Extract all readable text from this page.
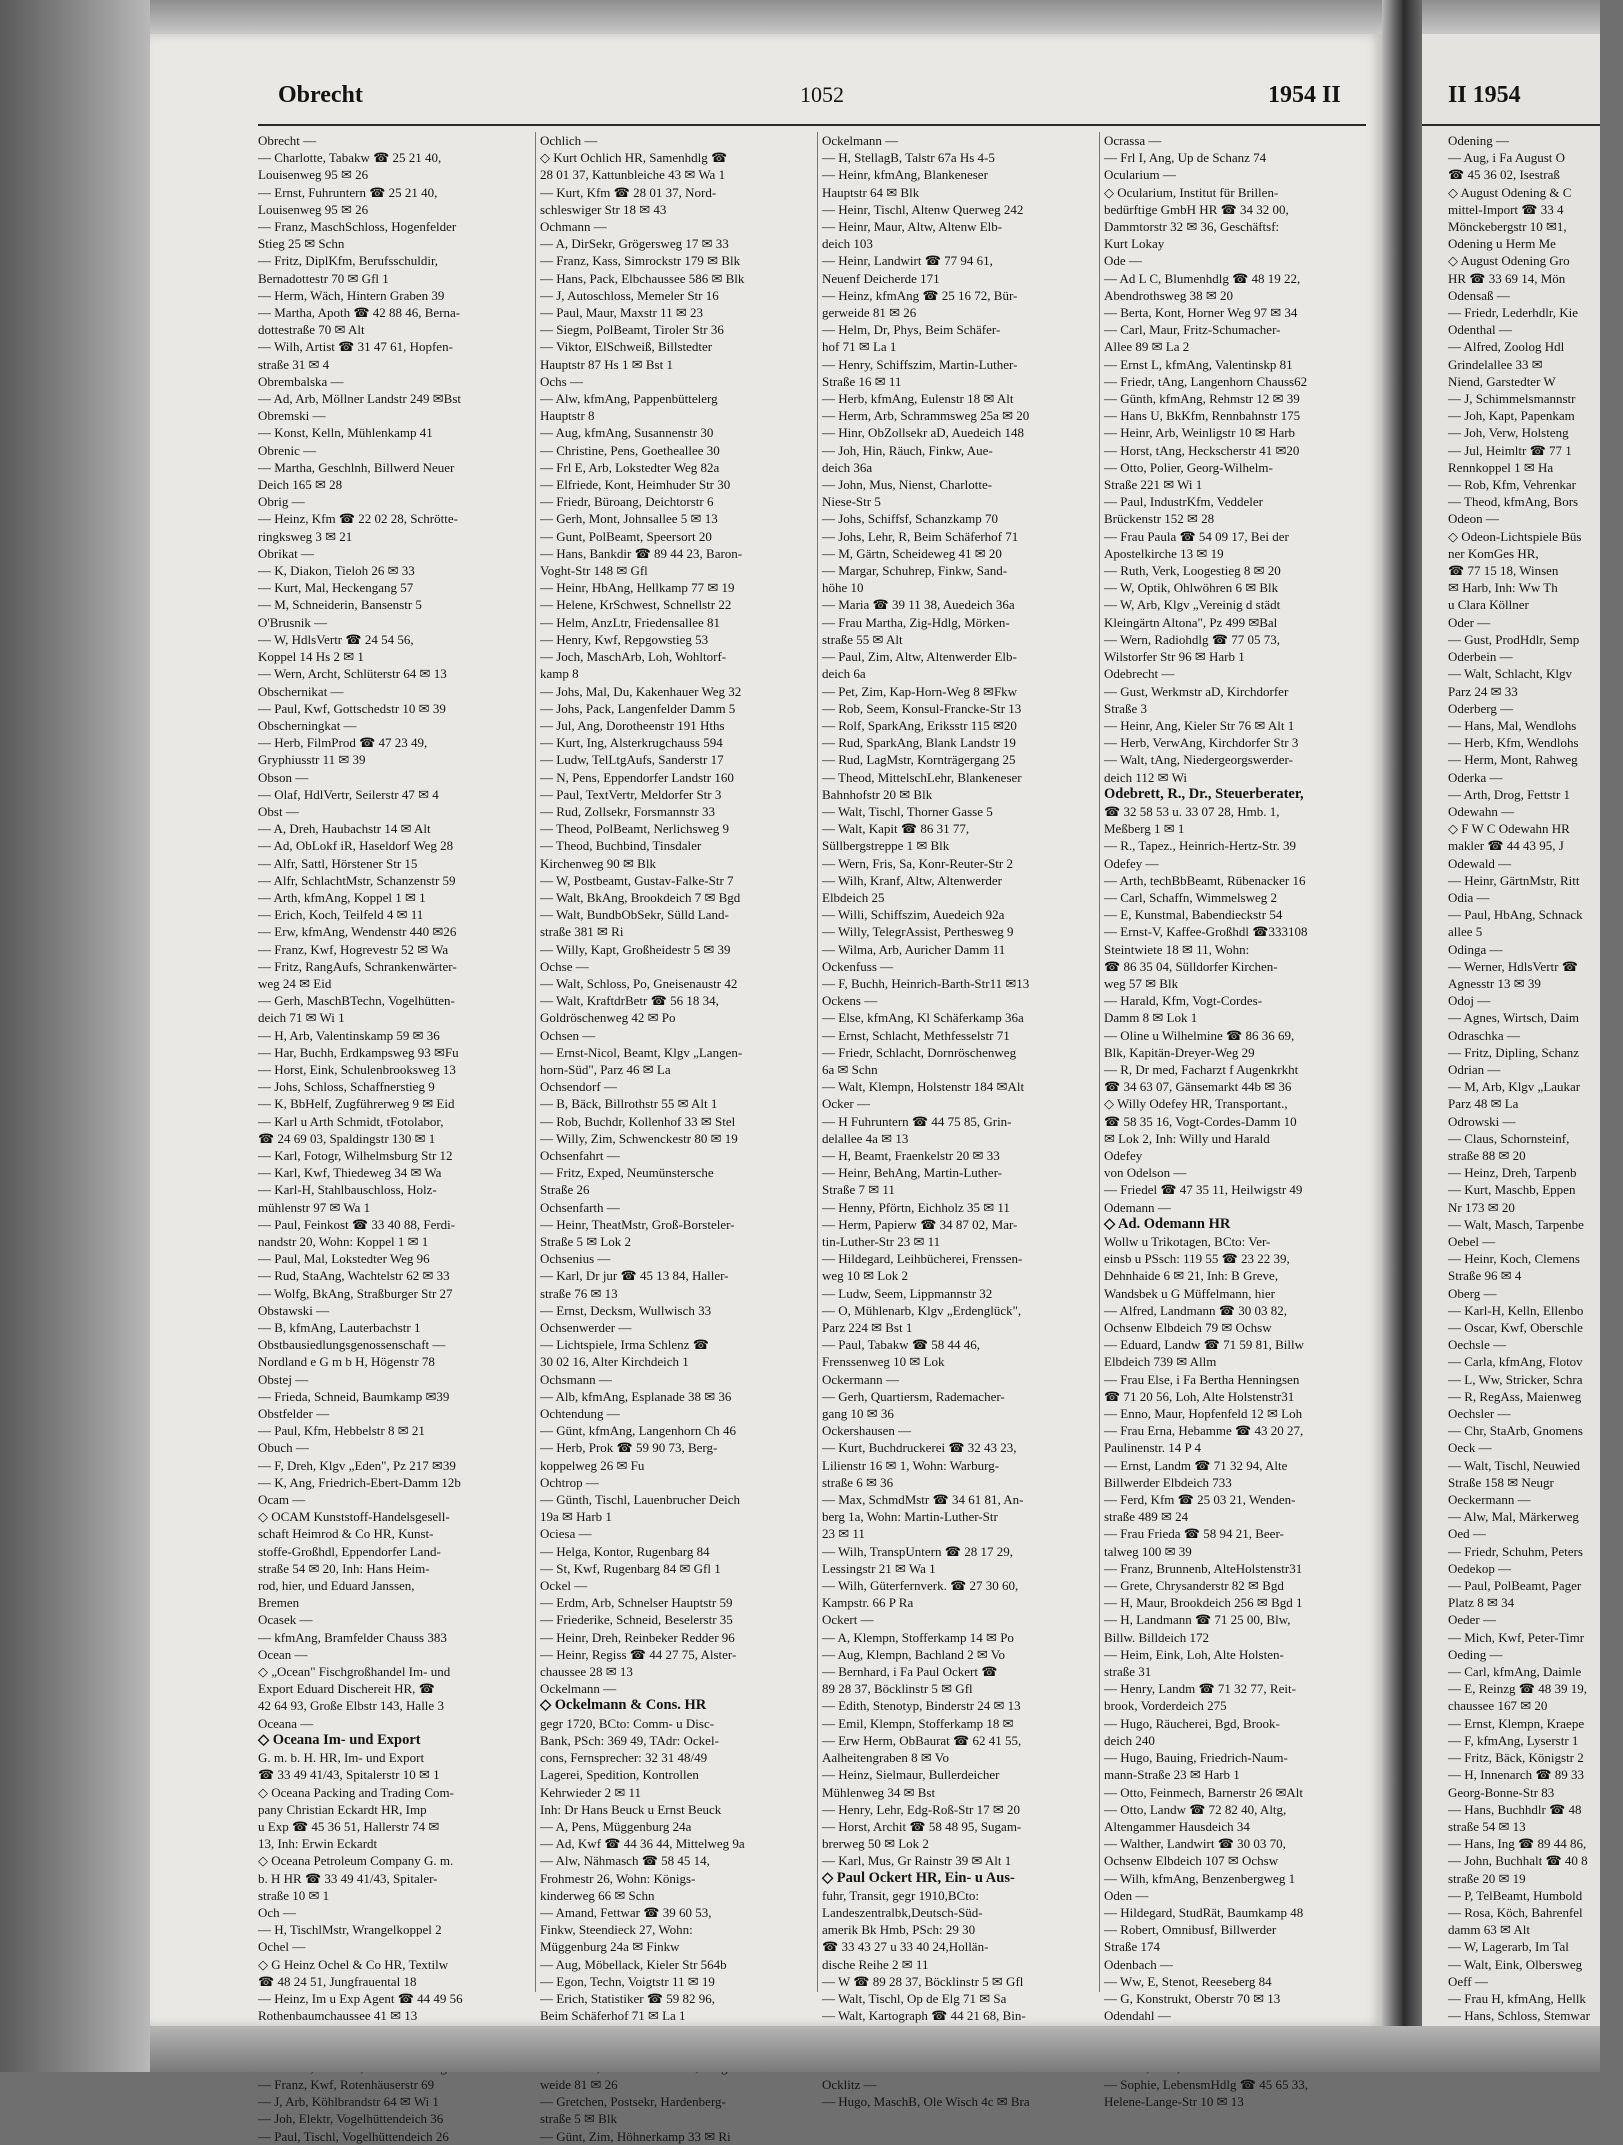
Obrecht	1052	1954 II
Obrecht —
— Charlotte, Tabakw ☎ 25 21 40,
Louisenweg 95 ✉ 26
— Ernst, Fuhruntern ☎ 25 21 40,
Louisenweg 95 ✉ 26
— Franz, MaschSchloss, Hogenfelder
Stieg 25 ✉ Schn
— Fritz, DiplKfm, Berufsschuldir,
Bernadottestr 70 ✉ Gfl 1
— Herm, Wäch, Hintern Graben 39
— Martha, Apoth ☎ 42 88 46, Berna-
dottestraße 70 ✉ Alt
— Wilh, Artist ☎ 31 47 61, Hopfen-
straße 31 ✉ 4
Obrembalska —
— Ad, Arb, Möllner Landstr 249 ✉Bst
Obremski —
— Konst, Kelln, Mühlenkamp 41
Obrenic —
— Martha, Geschlnh, Billwerd Neuer
Deich 165 ✉ 28
Obrig —
— Heinz, Kfm ☎ 22 02 28, Schrötte-
ringksweg 3 ✉ 21
Obrikat —
— K, Diakon, Tieloh 26 ✉ 33
— Kurt, Mal, Heckengang 57
— M, Schneiderin, Bansenstr 5
O'Brusnik —
— W, HdlsVertr ☎ 24 54 56,
Koppel 14 Hs 2 ✉ 1
— Wern, Archt, Schlüterstr 64 ✉ 13
Obschernikat —
— Paul, Kwf, Gottschedstr 10 ✉ 39
Obscherningkat —
— Herb, FilmProd ☎ 47 23 49,
Gryphiusstr 11 ✉ 39
Obson —
— Olaf, HdlVertr, Seilerstr 47 ✉ 4
Obst —
— A, Dreh, Haubachstr 14 ✉ Alt
— Ad, ObLokf iR, Haseldorf Weg 28
— Alfr, Sattl, Hörstener Str 15
— Alfr, SchlachtMstr, Schanzenstr 59
— Arth, kfmAng, Koppel 1 ✉ 1
— Erich, Koch, Teilfeld 4 ✉ 11
— Erw, kfmAng, Wendenstr 440 ✉26
— Franz, Kwf, Hogrevestr 52 ✉ Wa
— Fritz, RangAufs, Schrankenwärter-
weg 24 ✉ Eid
— Gerh, MaschBTechn, Vogelhütten-
deich 71 ✉ Wi 1
— H, Arb, Valentinskamp 59 ✉ 36
— Har, Buchh, Erdkampsweg 93 ✉Fu
— Horst, Eink, Schulenbrooksweg 13
— Johs, Schloss, Schaffnerstieg 9
— K, BbHelf, Zugführerweg 9 ✉ Eid
— Karl u Arth Schmidt, tFotolabor,
☎ 24 69 03, Spaldingstr 130 ✉ 1
— Karl, Fotogr, Wilhelmsburg Str 12
— Karl, Kwf, Thiedeweg 34 ✉ Wa
— Karl-H, Stahlbauschloss, Holz-
mühlenstr 97 ✉ Wa 1
— Paul, Feinkost ☎ 33 40 88, Ferdi-
nandstr 20, Wohn: Koppel 1 ✉ 1
— Paul, Mal, Lokstedter Weg 96
— Rud, StaAng, Wachtelstr 62 ✉ 33
— Wolfg, BkAng, Straßburger Str 27
Obstawski —
— B, kfmAng, Lauterbachstr 1
Obstbausiedlungsgenossenschaft —
Nordland e G m b H, Högenstr 78
Obstej —
— Frieda, Schneid, Baumkamp ✉39
Obstfelder —
— Paul, Kfm, Hebbelstr 8 ✉ 21
Obuch —
— F, Dreh, Klgv „Eden", Pz 217 ✉39
— K, Ang, Friedrich-Ebert-Damm 12b
Ocam —
◇ OCAM Kunststoff-Handelsgesell-
schaft Heimrod & Co HR, Kunst-
stoffe-Großhdl, Eppendorfer Land-
straße 54 ✉ 20, Inh: Hans Heim-
rod, hier, und Eduard Janssen,
Bremen
Ocasek —
— kfmAng, Bramfelder Chauss 383
Ocean —
◇ „Ocean" Fischgroßhandel Im- und
Export Eduard Dischereit HR, ☎
42 64 93, Große Elbstr 143, Halle 3
Oceana —
◇ Oceana Im- und Export
G. m. b. H. HR, Im- und Export
☎ 33 49 41/43, Spitalerstr 10 ✉ 1
◇ Oceana Packing and Trading Com-
pany Christian Eckardt HR, Imp
u Exp ☎ 45 36 51, Hallerstr 74 ✉
13, Inh: Erwin Eckardt
◇ Oceana Petroleum Company G. m.
b. H HR ☎ 33 49 41/43, Spitaler-
straße 10 ✉ 1
Och —
— H, TischlMstr, Wrangelkoppel 2
Ochel —
◇ G Heinz Ochel & Co HR, Textilw
☎ 48 24 51, Jungfrauental 18
— Heinz, Im u Exp Agent ☎ 44 49 56
Rothenbaumchaussee 41 ✉ 13
— Franz, Kwf, Rotenhäuserstr 69
— J, Arb, Köhlbrandstr 64 ✉ Wi 1
— Joh, Elektr, Vogelhüttendeich 36
— Paul, Tischl, Vogelhüttendeich 26
Ochlich —
◇ Kurt Ochlich HR, Samenhdlg ☎
28 01 37, Kattunbleiche 43 ✉ Wa 1
— Kurt, Kfm ☎ 28 01 37, Nord-
schleswiger Str 18 ✉ 43
Ochmann —
— A, DirSekr, Grögersweg 17 ✉ 33
— Franz, Kass, Simrockstr 179 ✉ Blk
— Hans, Pack, Elbchaussee 586 ✉ Blk
— J, Autoschloss, Memeler Str 16
— Paul, Maur, Maxstr 11 ✉ 23
— Siegm, PolBeamt, Tiroler Str 36
— Viktor, ElSchweiß, Billstedter
Hauptstr 87 Hs 1 ✉ Bst 1
Ochs —
— Alw, kfmAng, Pappenbüttelerg
Hauptstr 8
— Aug, kfmAng, Susannenstr 30
— Christine, Pens, Goetheallee 30
— Frl E, Arb, Lokstedter Weg 82a
— Elfriede, Kont, Heimhuder Str 30
— Friedr, Büroang, Deichtorstr 6
— Gerh, Mont, Johnsallee 5 ✉ 13
— Gunt, PolBeamt, Speersort 20
— Hans, Bankdir ☎ 89 44 23, Baron-
Voght-Str 148 ✉ Gfl
— Heinr, HbAng, Hellkamp 77 ✉ 19
— Helene, KrSchwest, Schnellstr 22
— Helm, AnzLtr, Friedensallee 81
— Henry, Kwf, Repgowstieg 53
— Joch, MaschArb, Loh, Wohltorf-
kamp 8
— Johs, Mal, Du, Kakenhauer Weg 32
— Johs, Pack, Langenfelder Damm 5
— Jul, Ang, Dorotheenstr 191 Hths
— Kurt, Ing, Alsterkrugchauss 594
— Ludw, TelLtgAufs, Sanderstr 17
— N, Pens, Eppendorfer Landstr 160
— Paul, TextVertr, Meldorfer Str 3
— Rud, Zollsekr, Forsmannstr 33
— Theod, PolBeamt, Nerlichsweg 9
— Theod, Buchbind, Tinsdaler
Kirchenweg 90 ✉ Blk
— W, Postbeamt, Gustav-Falke-Str 7
— Walt, BkAng, Brookdeich 7 ✉ Bgd
— Walt, BundbObSekr, Sülld Land-
straße 381 ✉ Ri
— Willy, Kapt, Großheidestr 5 ✉ 39
Ochse —
— Walt, Schloss, Po, Gneisenaustr 42
— Walt, KraftdrBetr ☎ 56 18 34,
Goldröschenweg 42 ✉ Po
Ochsen —
— Ernst-Nicol, Beamt, Klgv „Langen-
horn-Süd", Parz 46 ✉ La
Ochsendorf —
— B, Bäck, Billrothstr 55 ✉ Alt 1
— Rob, Buchdr, Kollenhof 33 ✉ Stel
— Willy, Zim, Schwenckestr 80 ✉ 19
Ochsenfahrt —
— Fritz, Exped, Neumünstersche
Straße 26
Ochsenfarth —
— Heinr, TheatMstr, Groß-Borsteler-
Straße 5 ✉ Lok 2
Ochsenius —
— Karl, Dr jur ☎ 45 13 84, Haller-
straße 76 ✉ 13
— Ernst, Decksm, Wullwisch 33
Ochsenwerder —
— Lichtspiele, Irma Schlenz ☎
30 02 16, Alter Kirchdeich 1
Ochsmann —
— Alb, kfmAng, Esplanade 38 ✉ 36
Ochtendung —
— Günt, kfmAng, Langenhorn Ch 46
— Herb, Prok ☎ 59 90 73, Berg-
koppelweg 26 ✉ Fu
Ochtrop —
— Günth, Tischl, Lauenbrucher Deich
19a ✉ Harb 1
Ociesa —
— Helga, Kontor, Rugenbarg 84
— St, Kwf, Rugenbarg 84 ✉ Gfl 1
Ockel —
— Erdm, Arb, Schnelser Hauptstr 59
— Friederike, Schneid, Beselerstr 35
— Heinr, Dreh, Reinbeker Redder 96
— Heinr, Regiss ☎ 44 27 75, Alster-
chaussee 28 ✉ 13
Ockelmann —
◇ Ockelmann & Cons. HR
gegr 1720, BCto: Comm- u Disc-
Bank, PSch: 369 49, TAdr: Ockel-
cons, Fernsprecher: 32 31 48/49
Lagerei, Spedition, Kontrollen
Kehrwieder 2 ✉ 11
Inh: Dr Hans Beuck u Ernst Beuck
— A, Pens, Müggenburg 24a
— Ad, Kwf ☎ 44 36 44, Mittelweg 9a
— Alw, Nähmasch ☎ 58 45 14,
Frohmestr 26, Wohn: Königs-
kinderweg 66 ✉ Schn
— Amand, Fettwar ☎ 39 60 53,
Finkw, Steendieck 27, Wohn:
Müggenburg 24a ✉ Finkw
— Aug, Möbellack, Kieler Str 564b
— Egon, Techn, Voigtstr 11 ✉ 19
— Erich, Statistiker ☎ 59 82 96,
Beim Schäferhof 71 ✉ La 1
weide 81 ✉ 26
— Gretchen, Postsekr, Hardenberg-
straße 5 ✉ Blk
— Günt, Zim, Höhnerkamp 33 ✉ Ri
Ockelmann —
— H, StellagB, Talstr 67a Hs 4-5
— Heinr, kfmAng, Blankeneser
Hauptstr 64 ✉ Blk
— Heinr, Tischl, Altenw Querweg 242
— Heinr, Maur, Altw, Altenw Elb-
deich 103
— Heinr, Landwirt ☎ 77 94 61,
Neuenf Deicherde 171
— Heinz, kfmAng ☎ 25 16 72, Bür-
gerweide 81 ✉ 26
— Helm, Dr, Phys, Beim Schäfer-
hof 71 ✉ La 1
— Henry, Schiffszim, Martin-Luther-
Straße 16 ✉ 11
— Herb, kfmAng, Eulenstr 18 ✉ Alt
— Herm, Arb, Schrammsweg 25a ✉ 20
— Hinr, ObZollsekr aD, Auedeich 148
— Joh, Hin, Räuch, Finkw, Aue-
deich 36a
— John, Mus, Nienst, Charlotte-
Niese-Str 5
— Johs, Schiffsf, Schanzkamp 70
— Johs, Lehr, R, Beim Schäferhof 71
— M, Gärtn, Scheideweg 41 ✉ 20
— Margar, Schuhrep, Finkw, Sand-
höhe 10
— Maria ☎ 39 11 38, Auedeich 36a
— Frau Martha, Zig-Hdlg, Mörken-
straße 55 ✉ Alt
— Paul, Zim, Altw, Altenwerder Elb-
deich 6a
— Pet, Zim, Kap-Horn-Weg 8 ✉Fkw
— Rob, Seem, Konsul-Francke-Str 13
— Rolf, SparkAng, Eriksstr 115 ✉20
— Rud, SparkAng, Blank Landstr 19
— Rud, LagMstr, Kornträgergang 25
— Theod, MittelschLehr, Blankeneser
Bahnhofstr 20 ✉ Blk
— Walt, Tischl, Thorner Gasse 5
— Walt, Kapit ☎ 86 31 77,
Süllbergstreppe 1 ✉ Blk
— Wern, Fris, Sa, Konr-Reuter-Str 2
— Wilh, Kranf, Altw, Altenwerder
Elbdeich 25
— Willi, Schiffszim, Auedeich 92a
— Willy, TelegrAssist, Perthesweg 9
— Wilma, Arb, Auricher Damm 11
Ockenfuss —
— F, Buchh, Heinrich-Barth-Str11 ✉13
Ockens —
— Else, kfmAng, Kl Schäferkamp 36a
— Ernst, Schlacht, Methfesselstr 71
— Friedr, Schlacht, Dornröschenweg
6a ✉ Schn
— Walt, Klempn, Holstenstr 184 ✉Alt
Ocker —
— H Fuhruntern ☎ 44 75 85, Grin-
delallee 4a ✉ 13
— H, Beamt, Fraenkelstr 20 ✉ 33
— Heinr, BehAng, Martin-Luther-
Straße 7 ✉ 11
— Henny, Pförtn, Eichholz 35 ✉ 11
— Herm, Papierw ☎ 34 87 02, Mar-
tin-Luther-Str 23 ✉ 11
— Hildegard, Leihbücherei, Frenssen-
weg 10 ✉ Lok 2
— Ludw, Seem, Lippmannstr 32
— O, Mühlenarb, Klgv „Erdenglück",
Parz 224 ✉ Bst 1
— Paul, Tabakw ☎ 58 44 46,
Frenssenweg 10 ✉ Lok
Ockermann —
— Gerh, Quartiersm, Rademacher-
gang 10 ✉ 36
Ockershausen —
— Kurt, Buchdruckerei ☎ 32 43 23,
Lilienstr 16 ✉ 1, Wohn: Warburg-
straße 6 ✉ 36
— Max, SchmdMstr ☎ 34 61 81, An-
berg 1a, Wohn: Martin-Luther-Str
23 ✉ 11
— Wilh, TranspUntern ☎ 28 17 29,
Lessingstr 21 ✉ Wa 1
— Wilh, Güterfernverk. ☎ 27 30 60,
Kampstr. 66 P Ra
Ockert —
— A, Klempn, Stofferkamp 14 ✉ Po
— Aug, Klempn, Bachland 2 ✉ Vo
— Bernhard, i Fa Paul Ockert ☎
89 28 37, Böcklinstr 5 ✉ Gfl
— Edith, Stenotyp, Binderstr 24 ✉ 13
— Emil, Klempn, Stofferkamp 18 ✉
— Erw Herm, ObBaurat ☎ 62 41 55,
Aalheitengraben 8 ✉ Vo
— Heinz, Sielmaur, Bullerdeicher
Mühlenweg 34 ✉ Bst
— Henry, Lehr, Edg-Roß-Str 17 ✉ 20
— Horst, Archit ☎ 58 48 95, Sugam-
brerweg 50 ✉ Lok 2
— Karl, Mus, Gr Rainstr 39 ✉ Alt 1
◇ Paul Ockert HR, Ein- u Aus-
fuhr, Transit, gegr 1910,BCto:
Landeszentralbk,Deutsch-Süd-
amerik Bk Hmb, PSch: 29 30
☎ 33 43 27 u 33 40 24,Hollän-
dische Reihe 2 ✉ 11
— W ☎ 89 28 37, Böcklinstr 5 ✉ Gfl
— Walt, Tischl, Op de Elg 71 ✉ Sa
— Walt, Kartograph ☎ 44 21 68, Bin-
Ocklitz —
— Hugo, MaschB, Ole Wisch 4c ✉ Bra
Ocrassa —
— Frl I, Ang, Up de Schanz 74
Ocularium —
◇ Ocularium, Institut für Brillen-
bedürftige GmbH HR ☎ 34 32 00,
Dammtorstr 32 ✉ 36, Geschäftsf:
Kurt Lokay
Ode —
— Ad L C, Blumenhdlg ☎ 48 19 22,
Abendrothsweg 38 ✉ 20
— Berta, Kont, Horner Weg 97 ✉ 34
— Carl, Maur, Fritz-Schumacher-
Allee 89 ✉ La 2
— Ernst L, kfmAng, Valentinskp 81
— Friedr, tAng, Langenhorn Chauss62
— Günth, kfmAng, Rehmstr 12 ✉ 39
— Hans U, BkKfm, Rennbahnstr 175
— Heinr, Arb, Weinligstr 10 ✉ Harb
— Horst, tAng, Heckscherstr 41 ✉20
— Otto, Polier, Georg-Wilhelm-
Straße 221 ✉ Wi 1
— Paul, IndustrKfm, Veddeler
Brückenstr 152 ✉ 28
— Frau Paula ☎ 54 09 17, Bei der
Apostelkirche 13 ✉ 19
— Ruth, Verk, Loogestieg 8 ✉ 20
— W, Optik, Ohlwöhren 6 ✉ Blk
— W, Arb, Klgv „Vereinig d städt
Kleingärtn Altona", Pz 499 ✉Bal
— Wern, Radiohdlg ☎ 77 05 73,
Wilstorfer Str 96 ✉ Harb 1
Odebrecht —
— Gust, Werkmstr aD, Kirchdorfer
Straße 3
— Heinr, Ang, Kieler Str 76 ✉ Alt 1
— Herb, VerwAng, Kirchdorfer Str 3
— Walt, tAng, Niedergeorgswerder-
deich 112 ✉ Wi
Odebrett, R., Dr., Steuerberater,
☎ 32 58 53 u. 33 07 28, Hmb. 1,
Meßberg 1 ✉ 1
— R., Tapez., Heinrich-Hertz-Str. 39
Odefey —
— Arth, techBbBeamt, Rübenacker 16
— Carl, Schaffn, Wimmelsweg 2
— E, Kunstmal, Babendieckstr 54
— Ernst-V, Kaffee-Großhdl ☎333108
Steintwiete 18 ✉ 11, Wohn:
☎ 86 35 04, Sülldorfer Kirchen-
weg 57 ✉ Blk
— Harald, Kfm, Vogt-Cordes-
Damm 8 ✉ Lok 1
— Oline u Wilhelmine ☎ 86 36 69,
Blk, Kapitän-Dreyer-Weg 29
— R, Dr med, Facharzt f Augenkrkht
☎ 34 63 07, Gänsemarkt 44b ✉ 36
◇ Willy Odefey HR, Transportant.,
☎ 58 35 16, Vogt-Cordes-Damm 10
✉ Lok 2, Inh: Willy und Harald
Odefey
von Odelson —
— Friedel ☎ 47 35 11, Heilwigstr 49
Odemann —
◇ Ad. Odemann HR
Wollw u Trikotagen, BCto: Ver-
einsb u PSsch: 119 55 ☎ 23 22 39,
Dehnhaide 6 ✉ 21, Inh: B Greve,
Wandsbek u G Müffelmann, hier
— Alfred, Landmann ☎ 30 03 82,
Ochsenw Elbdeich 79 ✉ Ochsw
— Eduard, Landw ☎ 71 59 81, Billw
Elbdeich 739 ✉ Allm
— Frau Else, i Fa Bertha Henningsen
☎ 71 20 56, Loh, Alte Holstenstr31
— Enno, Maur, Hopfenfeld 12 ✉ Loh
— Frau Erna, Hebamme ☎ 43 20 27,
Paulinenstr. 14 P 4
— Ernst, Landm ☎ 71 32 94, Alte
Billwerder Elbdeich 733
— Ferd, Kfm ☎ 25 03 21, Wenden-
straße 489 ✉ 24
— Frau Frieda ☎ 58 94 21, Beer-
talweg 100 ✉ 39
— Franz, Brunnenb, AlteHolstenstr31
— Grete, Chrysanderstr 82 ✉ Bgd
— H, Maur, Brookdeich 256 ✉ Bgd 1
— H, Landmann ☎ 71 25 00, Blw,
Billw. Billdeich 172
— Heim, Eink, Loh, Alte Holsten-
straße 31
— Henry, Landm ☎ 71 32 77, Reit-
brook, Vorderdeich 275
— Hugo, Räucherei, Bgd, Brook-
deich 240
— Hugo, Bauing, Friedrich-Naum-
mann-Straße 23 ✉ Harb 1
— Otto, Feinmech, Barnerstr 26 ✉Alt
— Otto, Landw ☎ 72 82 40, Altg,
Altengammer Hausdeich 34
— Walther, Landwirt ☎ 30 03 70,
Ochsenw Elbdeich 107 ✉ Ochsw
— Wilh, kfmAng, Benzenbergweg 1
Oden —
— Hildegard, StudRät, Baumkamp 48
— Robert, Omnibusf, Billwerder
Straße 174
Odenbach —
— Ww, E, Stenot, Reeseberg 84
— G, Konstrukt, Oberstr 70 ✉ 13
Odendahl —
— Sophie, LebensmHdlg ☎ 45 65 33,
Helene-Lange-Str 10 ✉ 13
II 1954
Odening —
— Aug, i Fa August O
☎ 45 36 02, Isestraß
◇ August Odening & C
mittel-Import ☎ 33 4
Mönckebergstr 10 ✉1,
Odening u Herm Me
◇ August Odening Gro
HR ☎ 33 69 14, Mön
Odensaß —
— Friedr, Lederhdlr, Kie
Odenthal —
— Alfred, Zoolog Hdl
Grindelallee 33 ✉
Niend, Garstedter W
— J, Schimmelsmannstr
— Joh, Kapt, Papenkam
— Joh, Verw, Holsteng
— Jul, Heimltr ☎ 77 1
Rennkoppel 1 ✉ Ha
— Rob, Kfm, Vehrenkar
— Theod, kfmAng, Bors
Odeon —
◇ Odeon-Lichtspiele Büs
ner KomGes HR,
☎ 77 15 18, Winsen
✉ Harb, Inh: Ww Th
u Clara Köllner
Oder —
— Gust, ProdHdlr, Semp
Oderbein —
— Walt, Schlacht, Klgv
Parz 24 ✉ 33
Oderberg —
— Hans, Mal, Wendlohs
— Herb, Kfm, Wendlohs
— Herm, Mont, Rahweg
Oderka —
— Arth, Drog, Fettstr 1
Odewahn —
◇ F W C Odewahn HR
makler ☎ 44 43 95, J
Odewald —
— Heinr, GärtnMstr, Ritt
Odia —
— Paul, HbAng, Schnack
allee 5
Odinga —
— Werner, HdlsVertr ☎
Agnesstr 13 ✉ 39
Odoj —
— Agnes, Wirtsch, Daim
Odraschka —
— Fritz, Dipling, Schanz
Odrian —
— M, Arb, Klgv „Laukar
Parz 48 ✉ La
Odrowski —
— Claus, Schornsteinf,
straße 88 ✉ 20
— Heinz, Dreh, Tarpenb
— Kurt, Maschb, Eppen
Nr 173 ✉ 20
— Walt, Masch, Tarpenbe
Oebel —
— Heinr, Koch, Clemens
Straße 96 ✉ 4
Oberg —
— Karl-H, Kelln, Ellenbo
— Oscar, Kwf, Oberschle
Oechsle —
— Carla, kfmAng, Flotov
— L, Ww, Stricker, Schra
— R, RegAss, Maienweg
Oechsler —
— Chr, StaArb, Gnomens
Oeck —
— Walt, Tischl, Neuwied
Straße 158 ✉ Neugr
Oeckermann —
— Alw, Mal, Märkerweg
Oed —
— Friedr, Schuhm, Peters
Oedekop —
— Paul, PolBeamt, Pager
Platz 8 ✉ 34
Oeder —
— Mich, Kwf, Peter-Timr
Oeding —
— Carl, kfmAng, Daimle
— E, Reinzg ☎ 48 39 19,
chaussee 167 ✉ 20
— Ernst, Klempn, Kraepe
— F, kfmAng, Lyserstr 1
— Fritz, Bäck, Königstr 2
— H, Innenarch ☎ 89 33
Georg-Bonne-Str 83
— Hans, Buchhdlr ☎ 48
straße 54 ✉ 13
— Hans, Ing ☎ 89 44 86,
— John, Buchhalt ☎ 40 8
straße 20 ✉ 19
— P, TelBeamt, Humbold
— Rosa, Köch, Bahrenfel
damm 63 ✉ Alt
— W, Lagerarb, Im Tal
— Walt, Eink, Olbersweg
Oeff —
— Frau H, kfmAng, Hellk
— Hans, Schloss, Stemwar
